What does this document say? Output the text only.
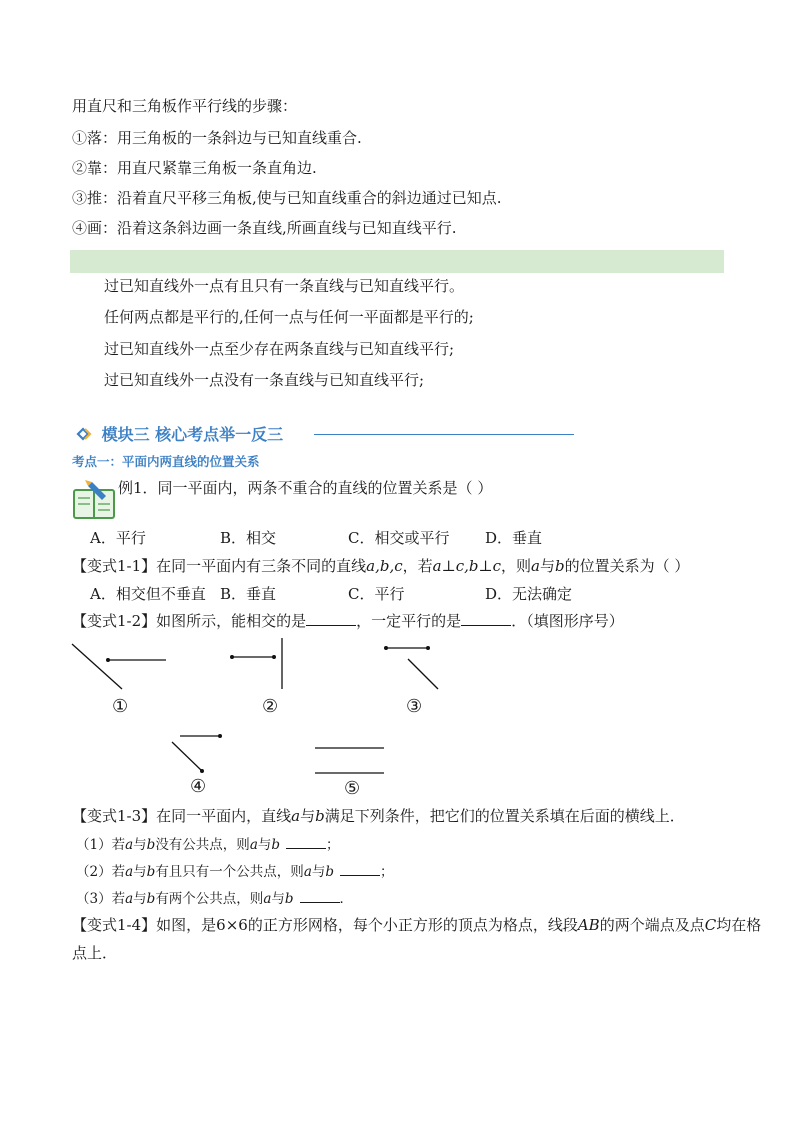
用直尺和三角板作平行线的步骤：
①落：用三角板的一条斜边与已知直线重合.
②靠：用直尺紧靠三角板一条直角边.
③推：沿着直尺平移三角板,使与已知直线重合的斜边通过已知点.
④画：沿着这条斜边画一条直线,所画直线与已知直线平行.
过已知直线外一点有且只有一条直线与已知直线平行。
任何两点都是平行的,任何一点与任何一平面都是平行的;
过已知直线外一点至少存在两条直线与已知直线平行;
过已知直线外一点没有一条直线与已知直线平行;
模块三 核心考点举一反三
考点一：平面内两直线的位置关系
例1．同一平面内，两条不重合的直线的位置关系是（ ）
A．平行	B．相交	C．相交或平行 D．垂直
【变式1-1】在同一平面内有三条不同的直线a,b,c，若a⊥c,b⊥c，则a与b的位置关系为（ ）
A．相交但不垂直 B．垂直	C．平行	D．无法确定
【变式1-2】如图所示，能相交的是	，一定平行的是	．（填图形序号）
①	②	③
④	⑤
【变式1-3】在同一平面内，直线a与b满足下列条件，把它们的位置关系填在后面的横线上．
（1）若a与b没有公共点，则a与b	；
（2）若a与b有且只有一个公共点，则a与b	；
（3）若a与b有两个公共点，则a与b	．
【变式1-4】如图，是6×6的正方形网格，每个小正方形的顶点为格点，线段AB的两个端点及点C均在格
点上．
